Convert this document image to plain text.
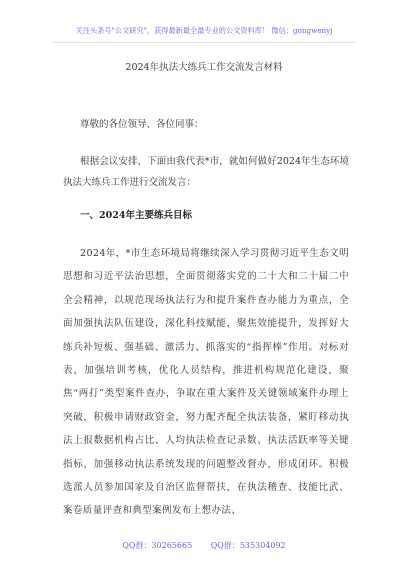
关注头条号"公文研究"，获得最新最全最专业的公文资料库！ 微信：gongwenyj
2024年执法大练兵工作交流发言材料
尊敬的各位领导、各位同事：
根据会议安排，下面由我代表*市，就如何做好2024年生态环境执法大练兵工作进行交流发言：
一、2024年主要练兵目标
2024年，*市生态环境局将继续深入学习贯彻习近平生态文明思想和习近平法治思想，全面贯彻落实党的二十大和二十届二中全会精神，以规范现场执法行为和提升案件查办能力为重点，全面加强执法队伍建设，深化科技赋能，聚焦效能提升，发挥好大练兵补短板、强基础、激活力、抓落实的“指挥棒”作用。对标对表，加强培训考核，优化人员结构，推进机构规范化建设，聚焦“两打”类型案件查办，争取在重大案件及关键领域案件办理上突破，积极申请财政资金，努力配齐配全执法装备，紧盯移动执法上报数据机构占比、人均执法检查记录数、执法活跃率等关键指标，加强移动执法系统发现的问题整改督办，形成闭环。积极选派人员参加国家及自治区监督帮扶，在执法稽查、技能比武、案卷质量评查和典型案例发布上想办法、
QQ群：30265665 QQ群：535304092
